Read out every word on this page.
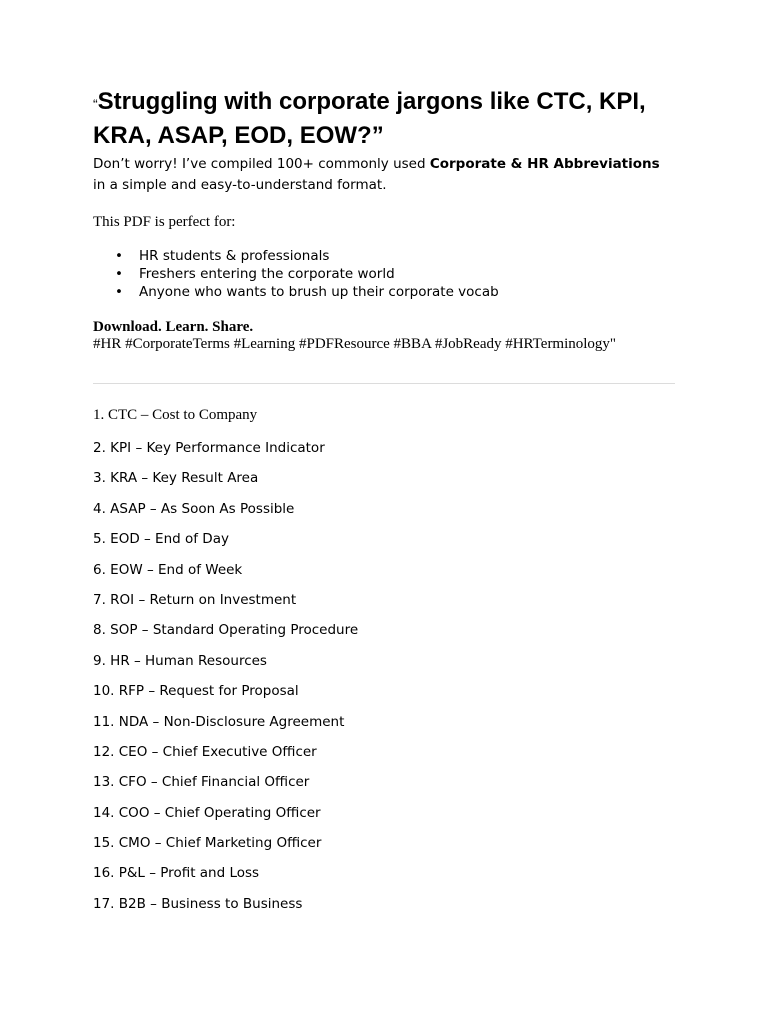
“Struggling with corporate jargons like CTC, KPI, KRA, ASAP, EOD, EOW?”

Don’t worry! I’ve compiled 100+ commonly used Corporate & HR Abbreviations in a simple and easy-to-understand format.

This PDF is perfect for:

• HR students & professionals
• Freshers entering the corporate world
• Anyone who wants to brush up their corporate vocab

Download. Learn. Share.

#HR #CorporateTerms #Learning #PDFResource #BBA #JobReady #HRTerminology"

1. CTC – Cost to Company
2. KPI – Key Performance Indicator
3. KRA – Key Result Area
4. ASAP – As Soon As Possible
5. EOD – End of Day
6. EOW – End of Week
7. ROI – Return on Investment
8. SOP – Standard Operating Procedure
9. HR – Human Resources
10. RFP – Request for Proposal
11. NDA – Non-Disclosure Agreement
12. CEO – Chief Executive Officer
13. CFO – Chief Financial Officer
14. COO – Chief Operating Officer
15. CMO – Chief Marketing Officer
16. P&L – Profit and Loss
17. B2B – Business to Business
